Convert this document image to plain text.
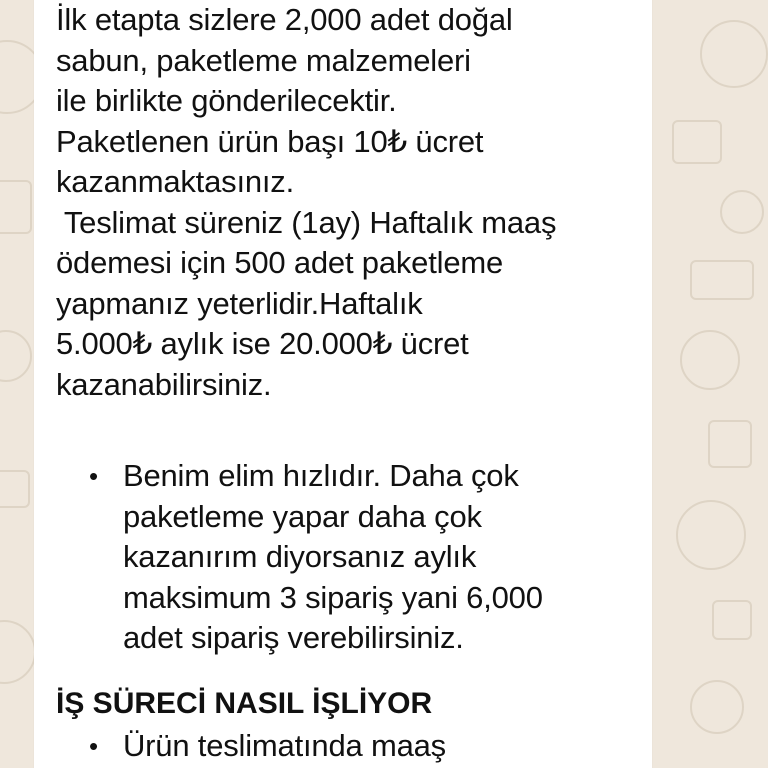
İlk etapta sizlere 2,000 adet doğal
sabun, paketleme malzemeleri
ile birlikte gönderilecektir.
Paketlenen ürün başı 10₺ ücret
kazanmaktasınız.
Teslimat süreniz (1ay) Haftalık maaş
ödemesi için 500 adet paketleme
yapmanız yeterlidir.Haftalık
5.000₺ aylık ise 20.000₺ ücret
kazanabilirsiniz.
• Benim elim hızlıdır. Daha çok
paketleme yapar daha çok
kazanırım diyorsanız aylık
maksimum 3 sipariş yani 6,000
adet sipariş verebilirsiniz.
İŞ SÜRECİ NASIL İŞLİYOR
• Ürün teslimatında maaş
